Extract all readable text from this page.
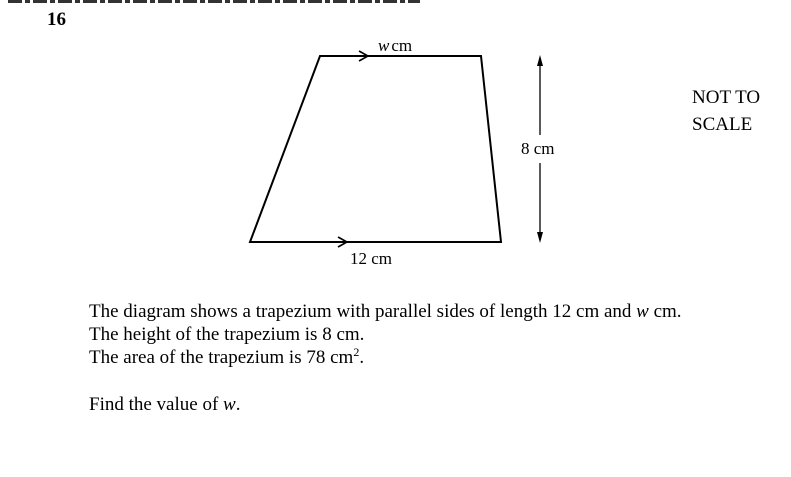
16
w cm
12 cm
8 cm
NOT TO
SCALE

The diagram shows a trapezium with parallel sides of length 12 cm and w cm.

The height of the trapezium is 8 cm.

The area of the trapezium is 78 $cm^2$.

Find the value of w.
